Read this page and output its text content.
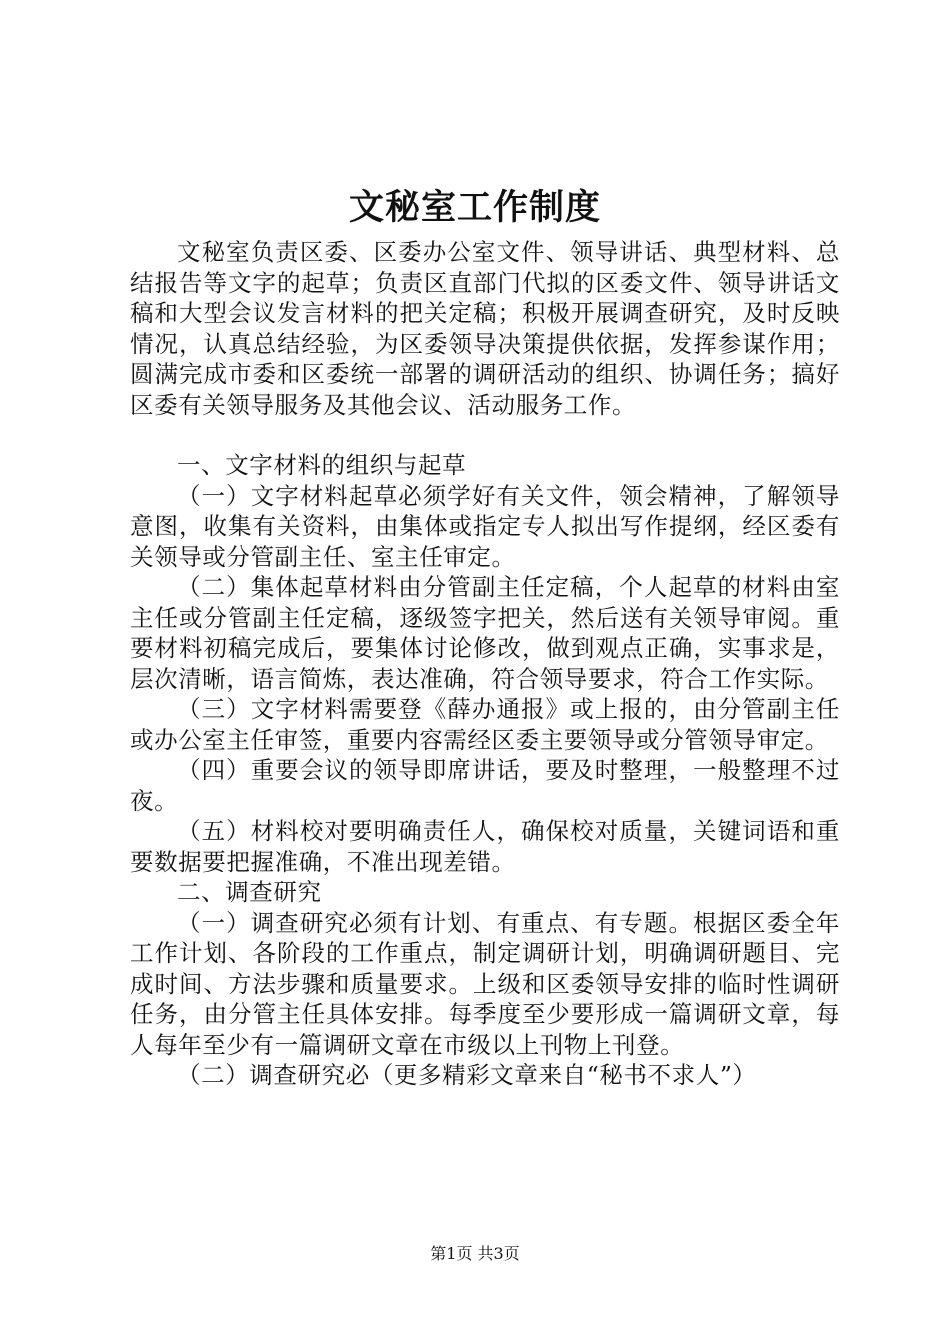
文秘室工作制度

文秘室负责区委、区委办公室文件、领导讲话、典型材料、总结报告等文字的起草；负责区直部门代拟的区委文件、领导讲话文稿和大型会议发言材料的把关定稿；积极开展调查研究，及时反映情况，认真总结经验，为区委领导决策提供依据，发挥参谋作用；圆满完成市委和区委统一部署的调研活动的组织、协调任务；搞好区委有关领导服务及其他会议、活动服务工作。

一、文字材料的组织与起草

（一）文字材料起草必须学好有关文件，领会精神，了解领导意图，收集有关资料，由集体或指定专人拟出写作提纲，经区委有关领导或分管副主任、室主任审定。

（二）集体起草材料由分管副主任定稿，个人起草的材料由室主任或分管副主任定稿，逐级签字把关，然后送有关领导审阅。重要材料初稿完成后，要集体讨论修改，做到观点正确，实事求是，层次清晰，语言简炼，表达准确，符合领导要求，符合工作实际。

（三）文字材料需要登《薛办通报》或上报的，由分管副主任或办公室主任审签，重要内容需经区委主要领导或分管领导审定。

（四）重要会议的领导即席讲话，要及时整理，一般整理不过夜。

（五）材料校对要明确责任人，确保校对质量，关键词语和重要数据要把握准确，不准出现差错。

二、调查研究

（一）调查研究必须有计划、有重点、有专题。根据区委全年工作计划、各阶段的工作重点，制定调研计划，明确调研题目、完成时间、方法步骤和质量要求。上级和区委领导安排的临时性调研任务，由分管主任具体安排。每季度至少要形成一篇调研文章，每人每年至少有一篇调研文章在市级以上刊物上刊登。

（二）调查研究必（更多精彩文章来自“秘书不求人”）

第1页 共3页
